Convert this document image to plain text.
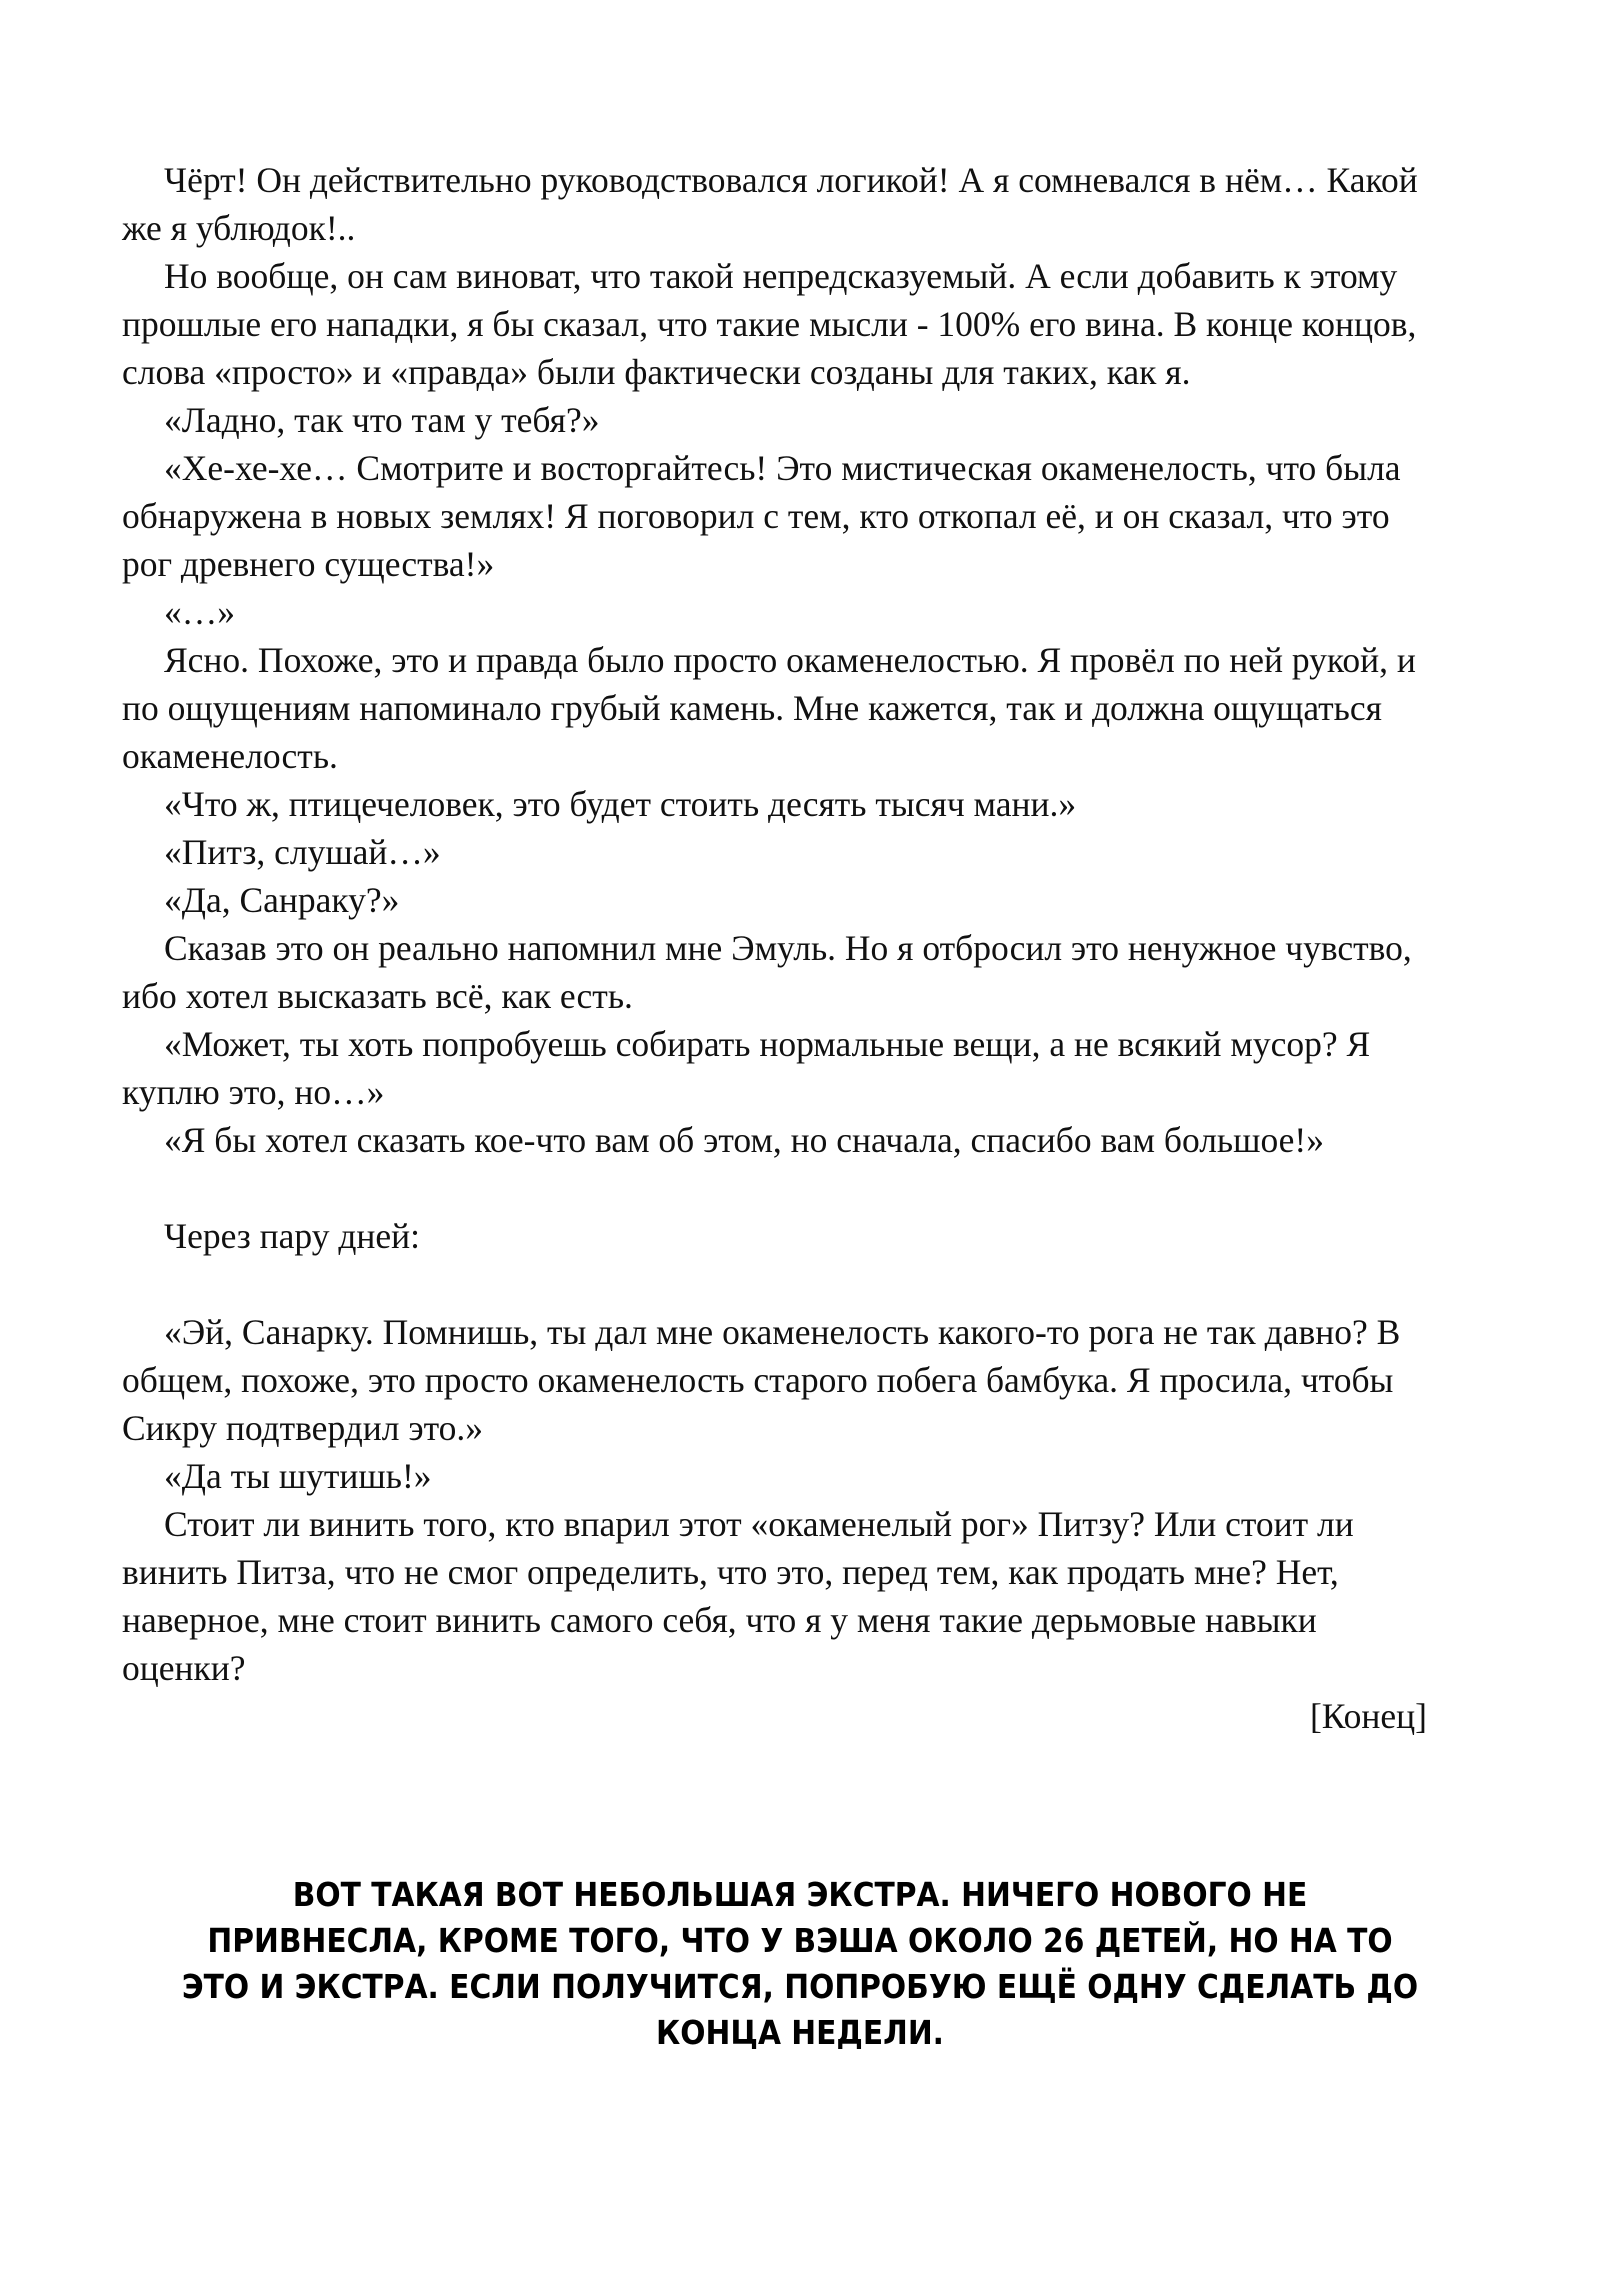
Чёрт! Он действительно руководствовался логикой! А я сомневался в нём… Какой же я ублюдок!..

Но вообще, он сам виноват, что такой непредсказуемый. А если добавить к этому прошлые его нападки, я бы сказал, что такие мысли - 100% его вина. В конце концов, слова «просто» и «правда» были фактически созданы для таких, как я.

«Ладно, так что там у тебя?»

«Хе-хе-хе… Смотрите и восторгайтесь! Это мистическая окаменелость, что была обнаружена в новых землях! Я поговорил с тем, кто откопал её, и он сказал, что это рог древнего существа!»

«…»

Ясно. Похоже, это и правда было просто окаменелостью. Я провёл по ней рукой, и по ощущениям напоминало грубый камень. Мне кажется, так и должна ощущаться окаменелость.

«Что ж, птицечеловек, это будет стоить десять тысяч мани.»

«Питз, слушай…»

«Да, Санраку?»

Сказав это он реально напомнил мне Эмуль. Но я отбросил это ненужное чувство, ибо хотел высказать всё, как есть.

«Может, ты хоть попробуешь собирать нормальные вещи, а не всякий мусор? Я куплю это, но…»

«Я бы хотел сказать кое-что вам об этом, но сначала, спасибо вам большое!»

Через пару дней:

«Эй, Санарку. Помнишь, ты дал мне окаменелость какого-то рога не так давно? В общем, похоже, это просто окаменелость старого побега бамбука. Я просила, чтобы Сикру подтвердил это.»

«Да ты шутишь!»

Стоит ли винить того, кто впарил этот «окаменелый рог» Питзу? Или стоит ли винить Питза, что не смог определить, что это, перед тем, как продать мне? Нет, наверное, мне стоит винить самого себя, что я у меня такие дерьмовые навыки оценки?

[Конец]

ВОТ ТАКАЯ ВОТ НЕБОЛЬШАЯ ЭКСТРА. НИЧЕГО НОВОГО НЕ ПРИВНЕСЛА, КРОМЕ ТОГО, ЧТО У ВЭША ОКОЛО 26 ДЕТЕЙ, НО НА ТО ЭТО И ЭКСТРА. ЕСЛИ ПОЛУЧИТСЯ, ПОПРОБУЮ ЕЩЁ ОДНУ СДЕЛАТЬ ДО КОНЦА НЕДЕЛИ.
